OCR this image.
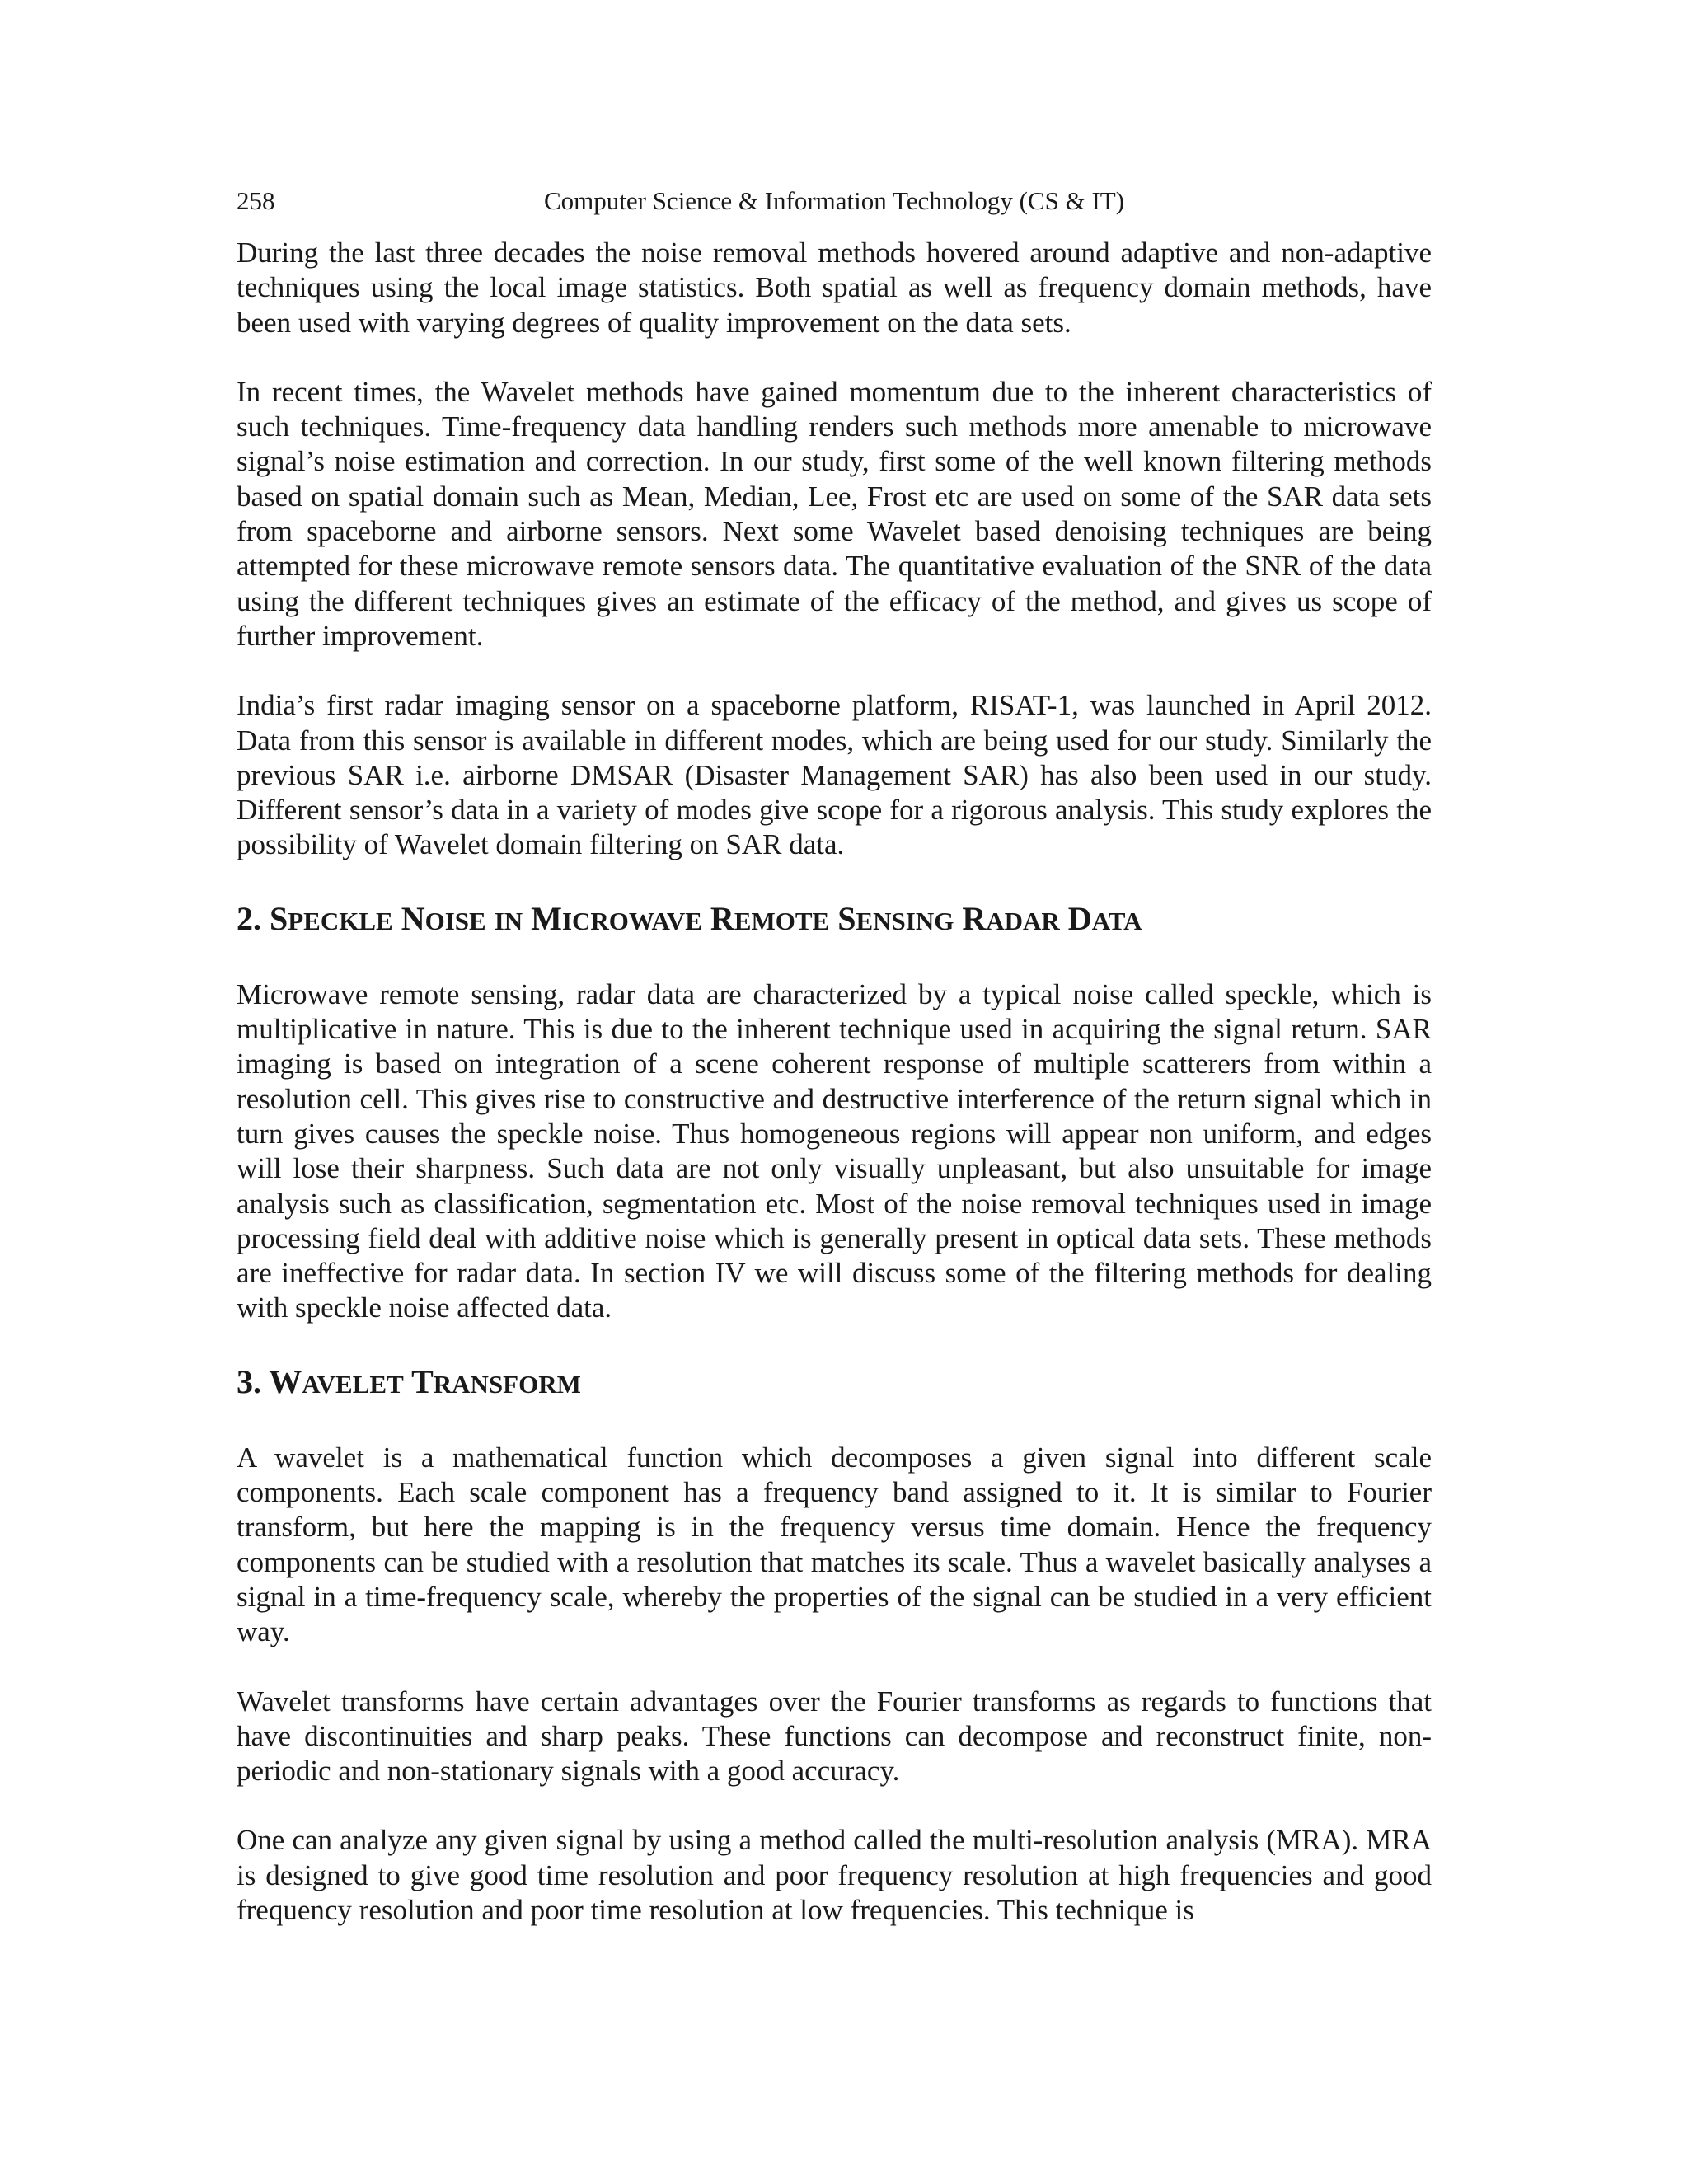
258	Computer Science & Information Technology (CS & IT)

During the last three decades the noise removal methods hovered around adaptive and non-adaptive techniques using the local image statistics. Both spatial as well as frequency domain methods, have been used with varying degrees of quality improvement on the data sets.

In recent times, the Wavelet methods have gained momentum due to the inherent characteristics of such techniques. Time-frequency data handling renders such methods more amenable to microwave signal’s noise estimation and correction. In our study, first some of the well known filtering methods based on spatial domain such as Mean, Median, Lee, Frost etc are used on some of the SAR data sets from spaceborne and airborne sensors. Next some Wavelet based denoising techniques are being attempted for these microwave remote sensors data. The quantitative evaluation of the SNR of the data using the different techniques gives an estimate of the efficacy of the method, and gives us scope of further improvement.

India’s first radar imaging sensor on a spaceborne platform, RISAT-1, was launched in April 2012. Data from this sensor is available in different modes, which are being used for our study. Similarly the previous SAR i.e. airborne DMSAR (Disaster Management SAR) has also been used in our study. Different sensor’s data in a variety of modes give scope for a rigorous analysis. This study explores the possibility of Wavelet domain filtering on SAR data.

2. SPECKLE NOISE IN MICROWAVE REMOTE SENSING RADAR DATA

Microwave remote sensing, radar data are characterized by a typical noise called speckle, which is multiplicative in nature. This is due to the inherent technique used in acquiring the signal return. SAR imaging is based on integration of a scene coherent response of multiple scatterers from within a resolution cell. This gives rise to constructive and destructive interference of the return signal which in turn gives causes the speckle noise. Thus homogeneous regions will appear non uniform, and edges will lose their sharpness. Such data are not only visually unpleasant, but also unsuitable for image analysis such as classification, segmentation etc. Most of the noise removal techniques used in image processing field deal with additive noise which is generally present in optical data sets. These methods are ineffective for radar data. In section IV we will discuss some of the filtering methods for dealing with speckle noise affected data.

3. WAVELET TRANSFORM

A wavelet is a mathematical function which decomposes a given signal into different scale components. Each scale component has a frequency band assigned to it. It is similar to Fourier transform, but here the mapping is in the frequency versus time domain. Hence the frequency components can be studied with a resolution that matches its scale. Thus a wavelet basically analyses a signal in a time-frequency scale, whereby the properties of the signal can be studied in a very efficient way.

Wavelet transforms have certain advantages over the Fourier transforms as regards to functions that have discontinuities and sharp peaks. These functions can decompose and reconstruct finite, non-periodic and non-stationary signals with a good accuracy.

One can analyze any given signal by using a method called the multi-resolution analysis (MRA). MRA is designed to give good time resolution and poor frequency resolution at high frequencies and good frequency resolution and poor time resolution at low frequencies. This technique is
